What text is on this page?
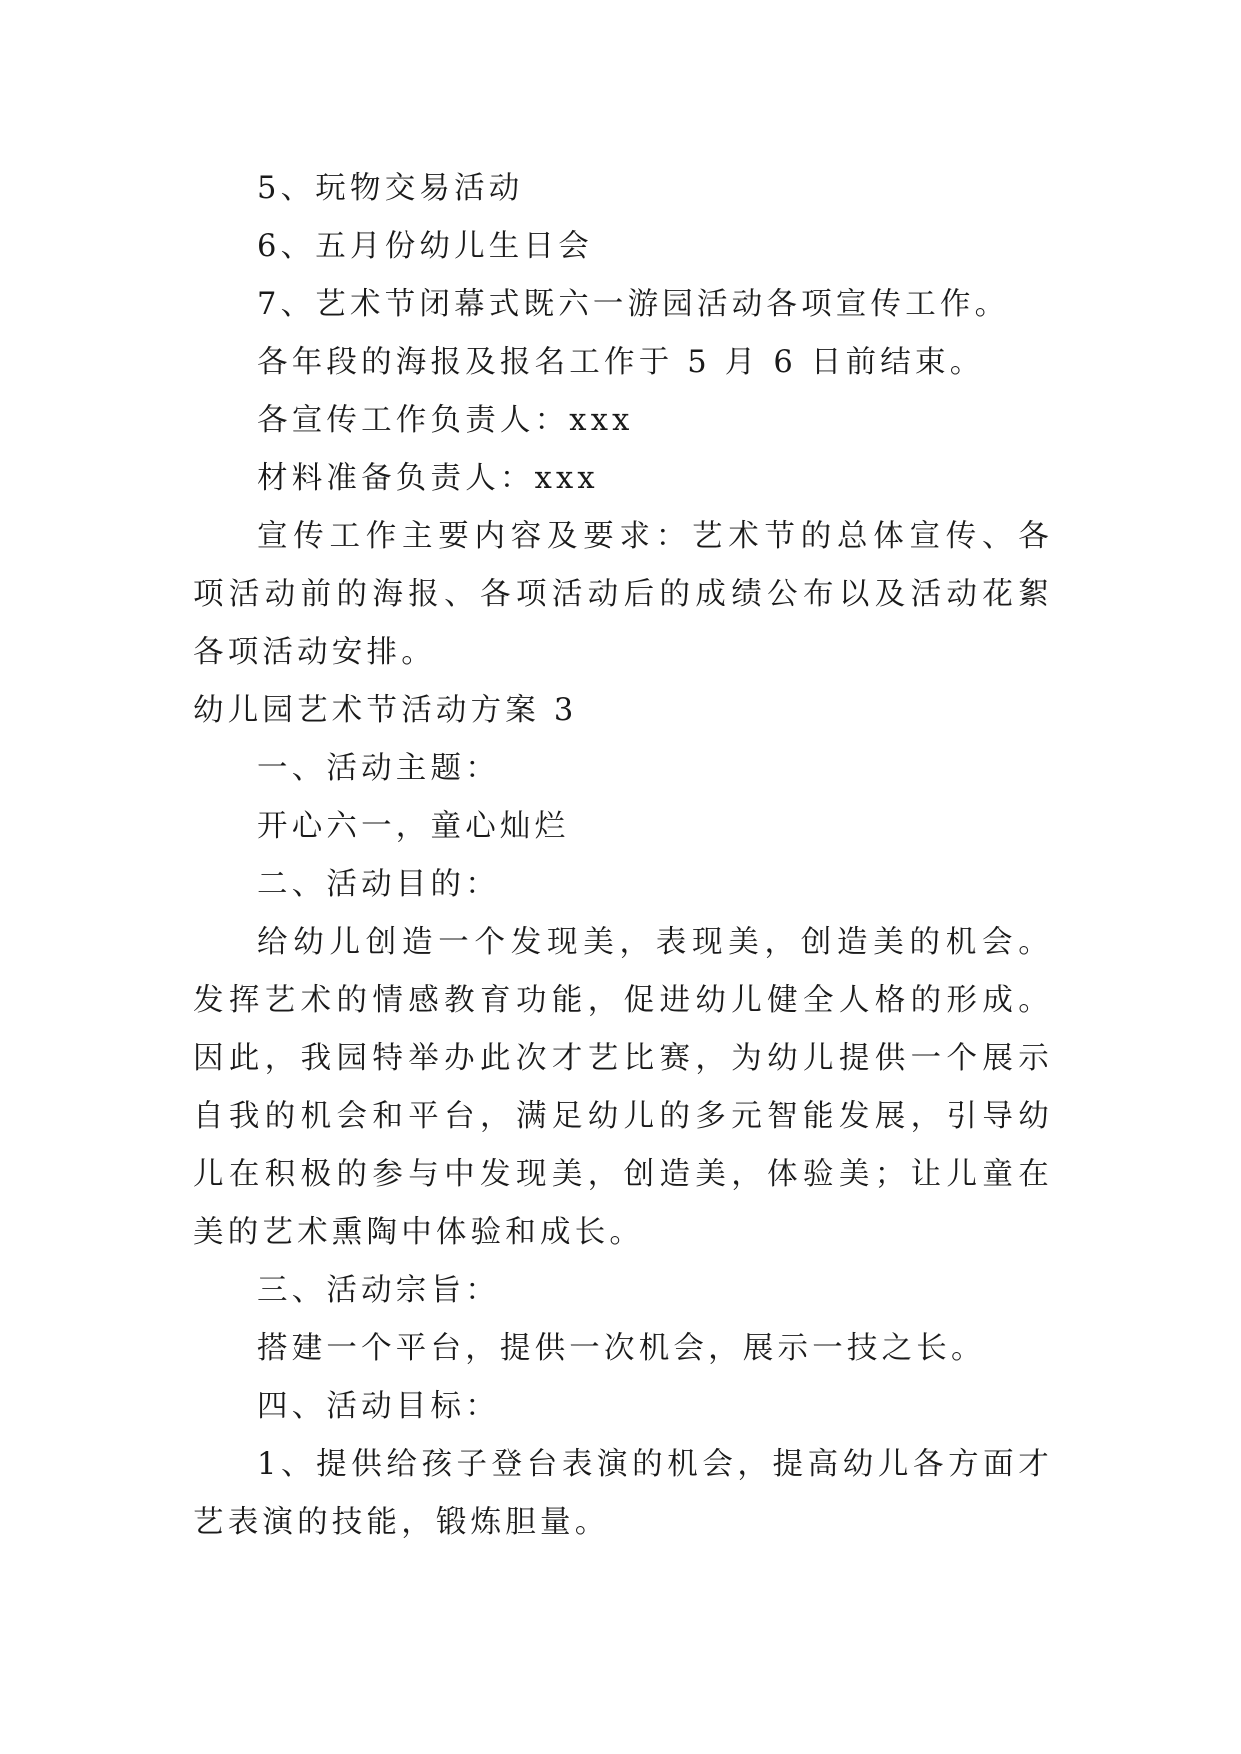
5、玩物交易活动

6、五月份幼儿生日会

7、艺术节闭幕式既六一游园活动各项宣传工作。

各年段的海报及报名工作于 5 月 6 日前结束。

各宣传工作负责人：xxx

材料准备负责人：xxx

宣传工作主要内容及要求：艺术节的总体宣传、各项活动前的海报、各项活动后的成绩公布以及活动花絮各项活动安排。

幼儿园艺术节活动方案 3

一、活动主题：

开心六一，童心灿烂

二、活动目的：

给幼儿创造一个发现美，表现美，创造美的机会。发挥艺术的情感教育功能，促进幼儿健全人格的形成。因此，我园特举办此次才艺比赛，为幼儿提供一个展示自我的机会和平台，满足幼儿的多元智能发展，引导幼儿在积极的参与中发现美，创造美，体验美；让儿童在美的艺术熏陶中体验和成长。

三、活动宗旨：

搭建一个平台，提供一次机会，展示一技之长。

四、活动目标：

1、提供给孩子登台表演的机会，提高幼儿各方面才艺表演的技能，锻炼胆量。
